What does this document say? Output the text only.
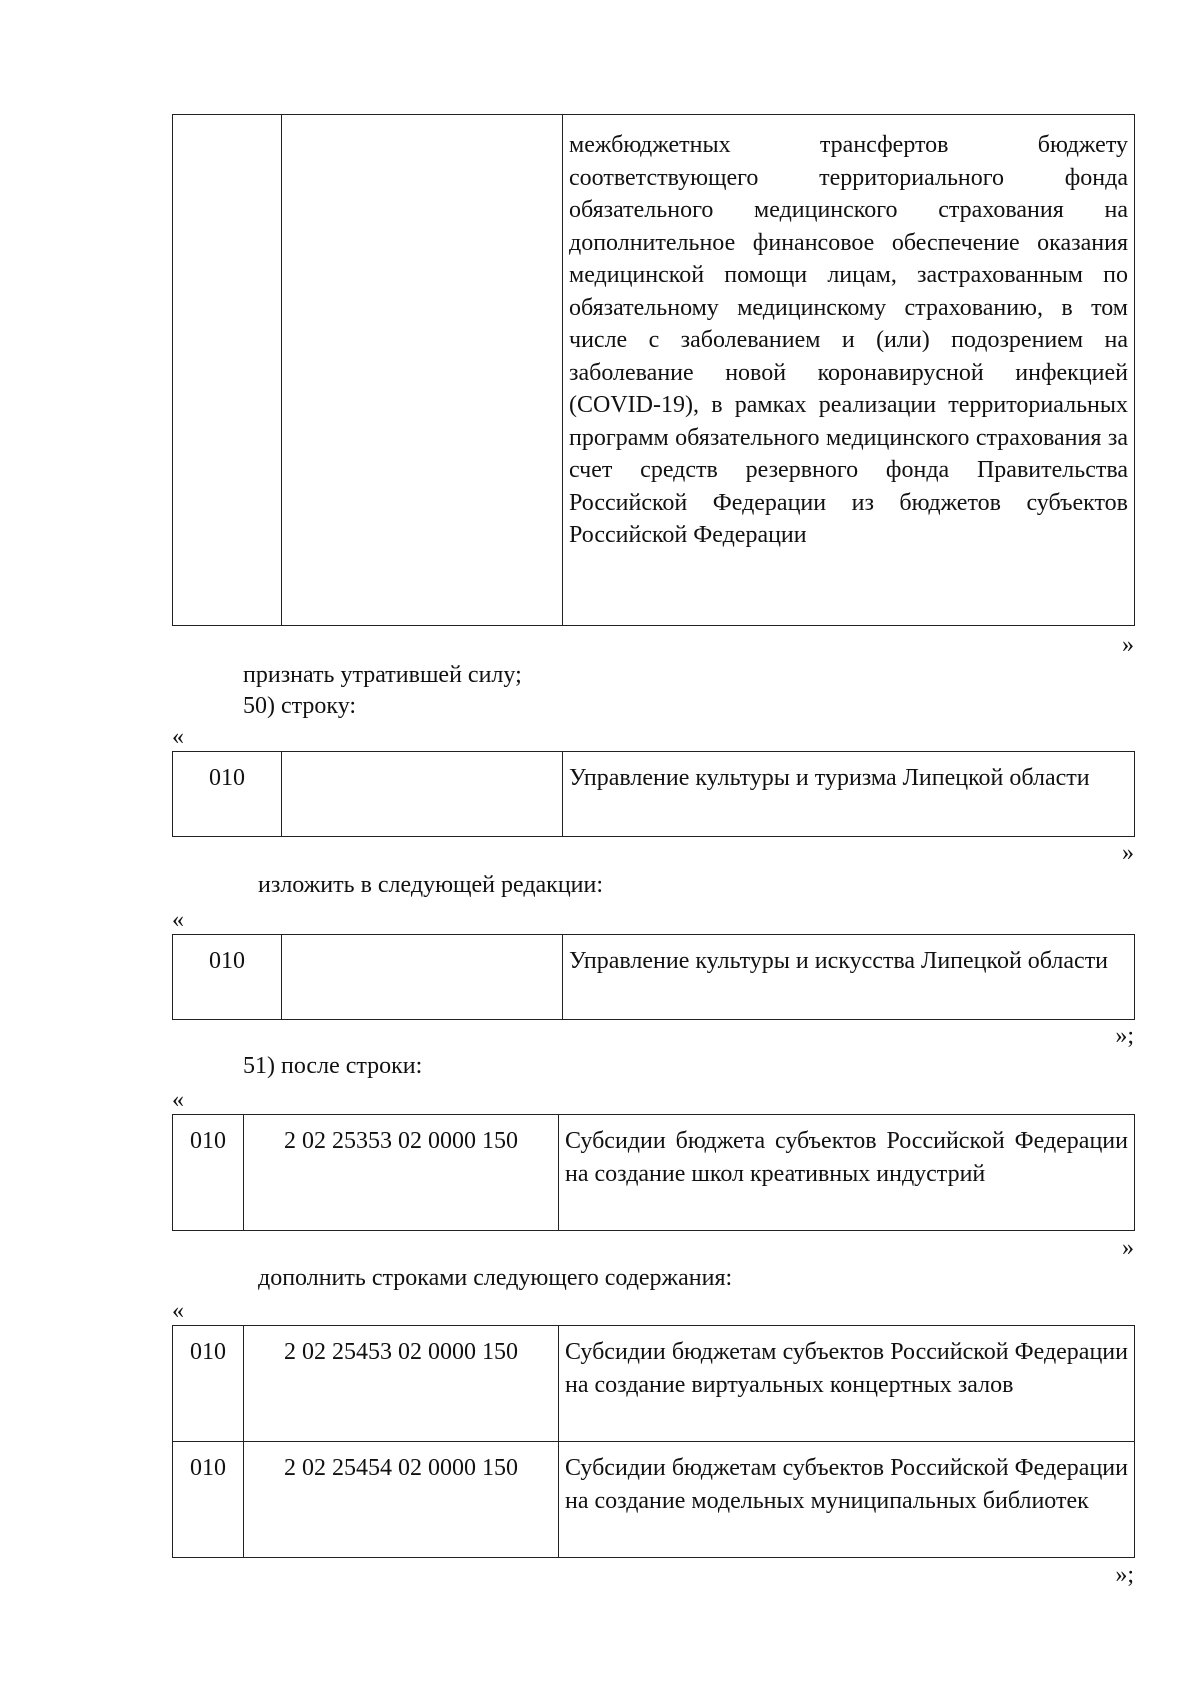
		межбюджетных трансфертов бюджету соответствующего территориального фонда обязательного медицинского страхования на дополнительное финансовое обеспечение оказания медицинской помощи лицам, застрахованным по обязательному медицинскому страхованию, в том числе с заболеванием и (или) подозрением на заболевание новой коронавирусной инфекцией (COVID-19), в рамках реализации территориальных программ обязательного медицинского страхования за счет средств резервного фонда Правительства Российской Федерации из бюджетов субъектов Российской Федерации
»
признать утратившей силу;
50) строку:
«
010		Управление культуры и туризма Липецкой области
»
изложить в следующей редакции:
«
010		Управление культуры и искусства Липецкой области
»;
51) после строки:
«
010	2 02 25353 02 0000 150	Субсидии бюджета субъектов Российской Федерации на создание школ креативных индустрий
»
дополнить строками следующего содержания:
«
010	2 02 25453 02 0000 150	Субсидии бюджетам субъектов Российской Федерации на создание виртуальных концертных залов
010	2 02 25454 02 0000 150	Субсидии бюджетам субъектов Российской Федерации на создание модельных муниципальных библиотек
»;
